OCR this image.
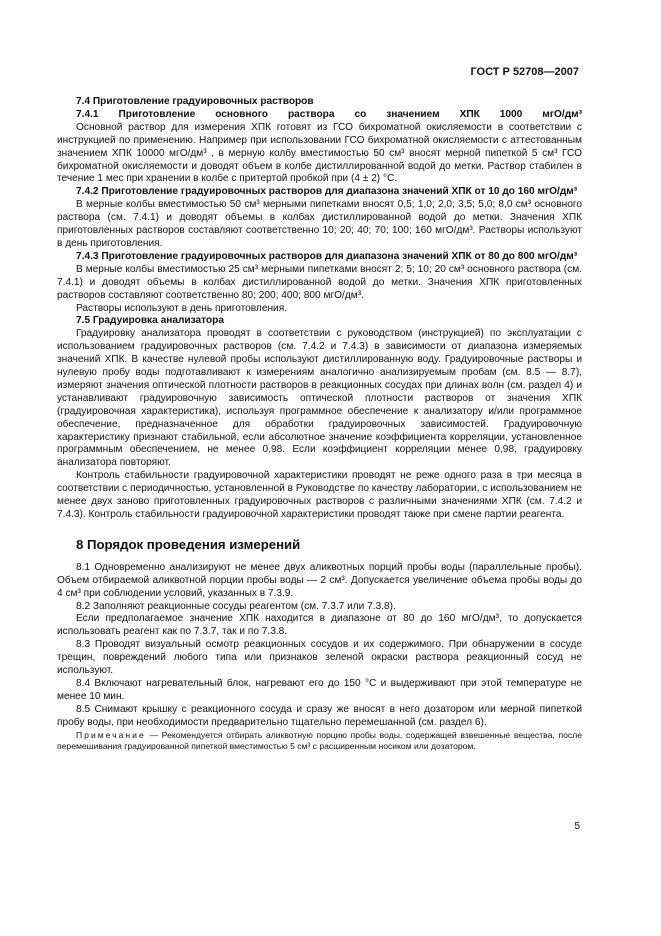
ГОСТ Р 52708—2007

7.4 Приготовление градуировочных растворов

7.4.1 Приготовление основного раствора со значением ХПК 1000 мгО/дм³

Основной раствор для измерения ХПК готовят из ГСО бихроматной окисляемости в соответствии с инструкцией по применению. Например при использовании ГСО бихроматной окисляемости с аттестованным значением ХПК 10000 мгО/дм³ , в мерную колбу вместимостью 50 см³ вносят мерной пипеткой 5 см³ ГСО бихроматной окисляемости и доводят объем в колбе дистиллированной водой до метки. Раствор стабилен в течение 1 мес при хранении в колбе с притертой пробкой при (4 ± 2) °С.

7.4.2 Приготовление градуировочных растворов для диапазона значений ХПК от 10 до 160 мгО/дм³

В мерные колбы вместимостью 50 см³ мерными пипетками вносят 0,5; 1,0; 2,0; 3,5; 5,0; 8,0 см³ основного раствора (см. 7.4.1) и доводят объемы в колбах дистиллированной водой до метки. Значения ХПК приготовленных растворов составляют соответственно 10; 20; 40; 70; 100; 160 мгО/дм³. Растворы используют в день приготовления.

7.4.3 Приготовление градуировочных растворов для диапазона значений ХПК от 80 до 800 мгО/дм³

В мерные колбы вместимостью 25 см³ мерными пипетками вносят 2; 5; 10; 20 см³ основного раствора (см. 7.4.1) и доводят объемы в колбах дистиллированной водой до метки. Значения ХПК приготовленных растворов составляют соответственно 80; 200; 400; 800 мгО/дм³.

Растворы используют в день приготовления.

7.5 Градуировка анализатора

Градуировку анализатора проводят в соответствии с руководством (инструкцией) по эксплуатации с использованием градуировочных растворов (см. 7.4.2 и 7.4.3) в зависимости от диапазона измеряемых значений ХПК. В качестве нулевой пробы используют дистиллированную воду. Градуировочные растворы и нулевую пробу воды подготавливают к измерениям аналогично анализируемым пробам (см. 8.5 — 8.7), измеряют значения оптической плотности растворов в реакционных сосудах при длинах волн (см. раздел 4) и устанавливают градуировочную зависимость оптической плотности растворов от значения ХПК (градуировочная характеристика), используя программное обеспечение к анализатору и/или программное обеспечение, предназначенное для обработки градуировочных зависимостей. Градуировочную характеристику признают стабильной, если абсолютное значение коэффициента корреляции, установленное программным обеспечением, не менее 0,98. Если коэффициент корреляции менее 0,98, градуировку анализатора повторяют.

Контроль стабильности градуировочной характеристики проводят не реже одного раза в три месяца в соответствии с периодичностью, установленной в Руководстве по качеству лаборатории, с использованием не менее двух заново приготовленных градуировочных растворов с различными значениями ХПК (см. 7.4.2 и 7.4.3). Контроль стабильности градуировочной характеристики проводят также при смене партии реагента.

8 Порядок проведения измерений

8.1 Одновременно анализируют не менее двух аликвотных порций пробы воды (параллельные пробы). Объем отбираемой аликвотной порции пробы воды — 2 см³. Допускается увеличение объема пробы воды до 4 см³ при соблюдении условий, указанных в 7.3.9.

8.2 Заполняют реакционные сосуды реагентом (см. 7.3.7 или 7.3.8).

Если предполагаемое значение ХПК находится в диапазоне от 80 до 160 мгО/дм³, то допускается использовать реагент как по 7.3.7, так и по 7.3.8.

8.3 Проводят визуальный осмотр реакционных сосудов и их содержимого. При обнаружении в сосуде трещин, повреждений любого типа или признаков зеленой окраски раствора реакционный сосуд не используют.

8.4 Включают нагревательный блок, нагревают его до 150 °С и выдерживают при этой температуре не менее 10 мин.

8.5 Снимают крышку с реакционного сосуда и сразу же вносят в него дозатором или мерной пипеткой пробу воды, при необходимости предварительно тщательно перемешанной (см. раздел 6).

Примечание — Рекомендуется отбирать аликвотную порцию пробы воды, содержащей взвешенные вещества, после перемешивания градуированной пипеткой вместимостью 5 см³ с расширенным носиком или дозатором.

5
